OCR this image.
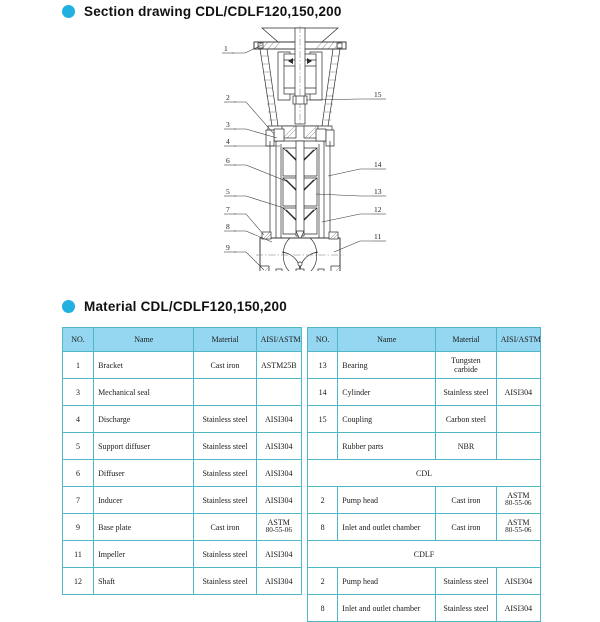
Section drawing CDL/CDLF120,150,200
Material CDL/CDLF120,150,200
1
2
3
4
6
5
7
8
9
15
14
13
12
11
NO.	Name	Material	AISI/ASTM
1	Bracket	Cast iron	ASTM25B
3	Mechanical seal		
4	Discharge	Stainless steel	AISI304
5	Support diffuser	Stainless steel	AISI304
6	Diffuser	Stainless steel	AISI304
7	Inducer	Stainless steel	AISI304
9	Base plate	Cast iron	ASTM
80-55-06

11	Impeller	Stainless steel	AISI304
12	Shaft	Stainless steel	AISI304
NO.	Name	Material	AISI/ASTM
13	Bearing	Tungsten carbide	
14	Cylinder	Stainless steel	AISI304
15	Coupling	Carbon steel	
	Rubber parts	NBR	
CDL			
2	Pump head	Cast iron	ASTM
80-55-06

8	Inlet and outlet chamber	Cast iron	ASTM
80-55-06

CDLF			
2	Pump head	Stainless steel	AISI304
8	Inlet and outlet chamber	Stainless steel	AISI304
